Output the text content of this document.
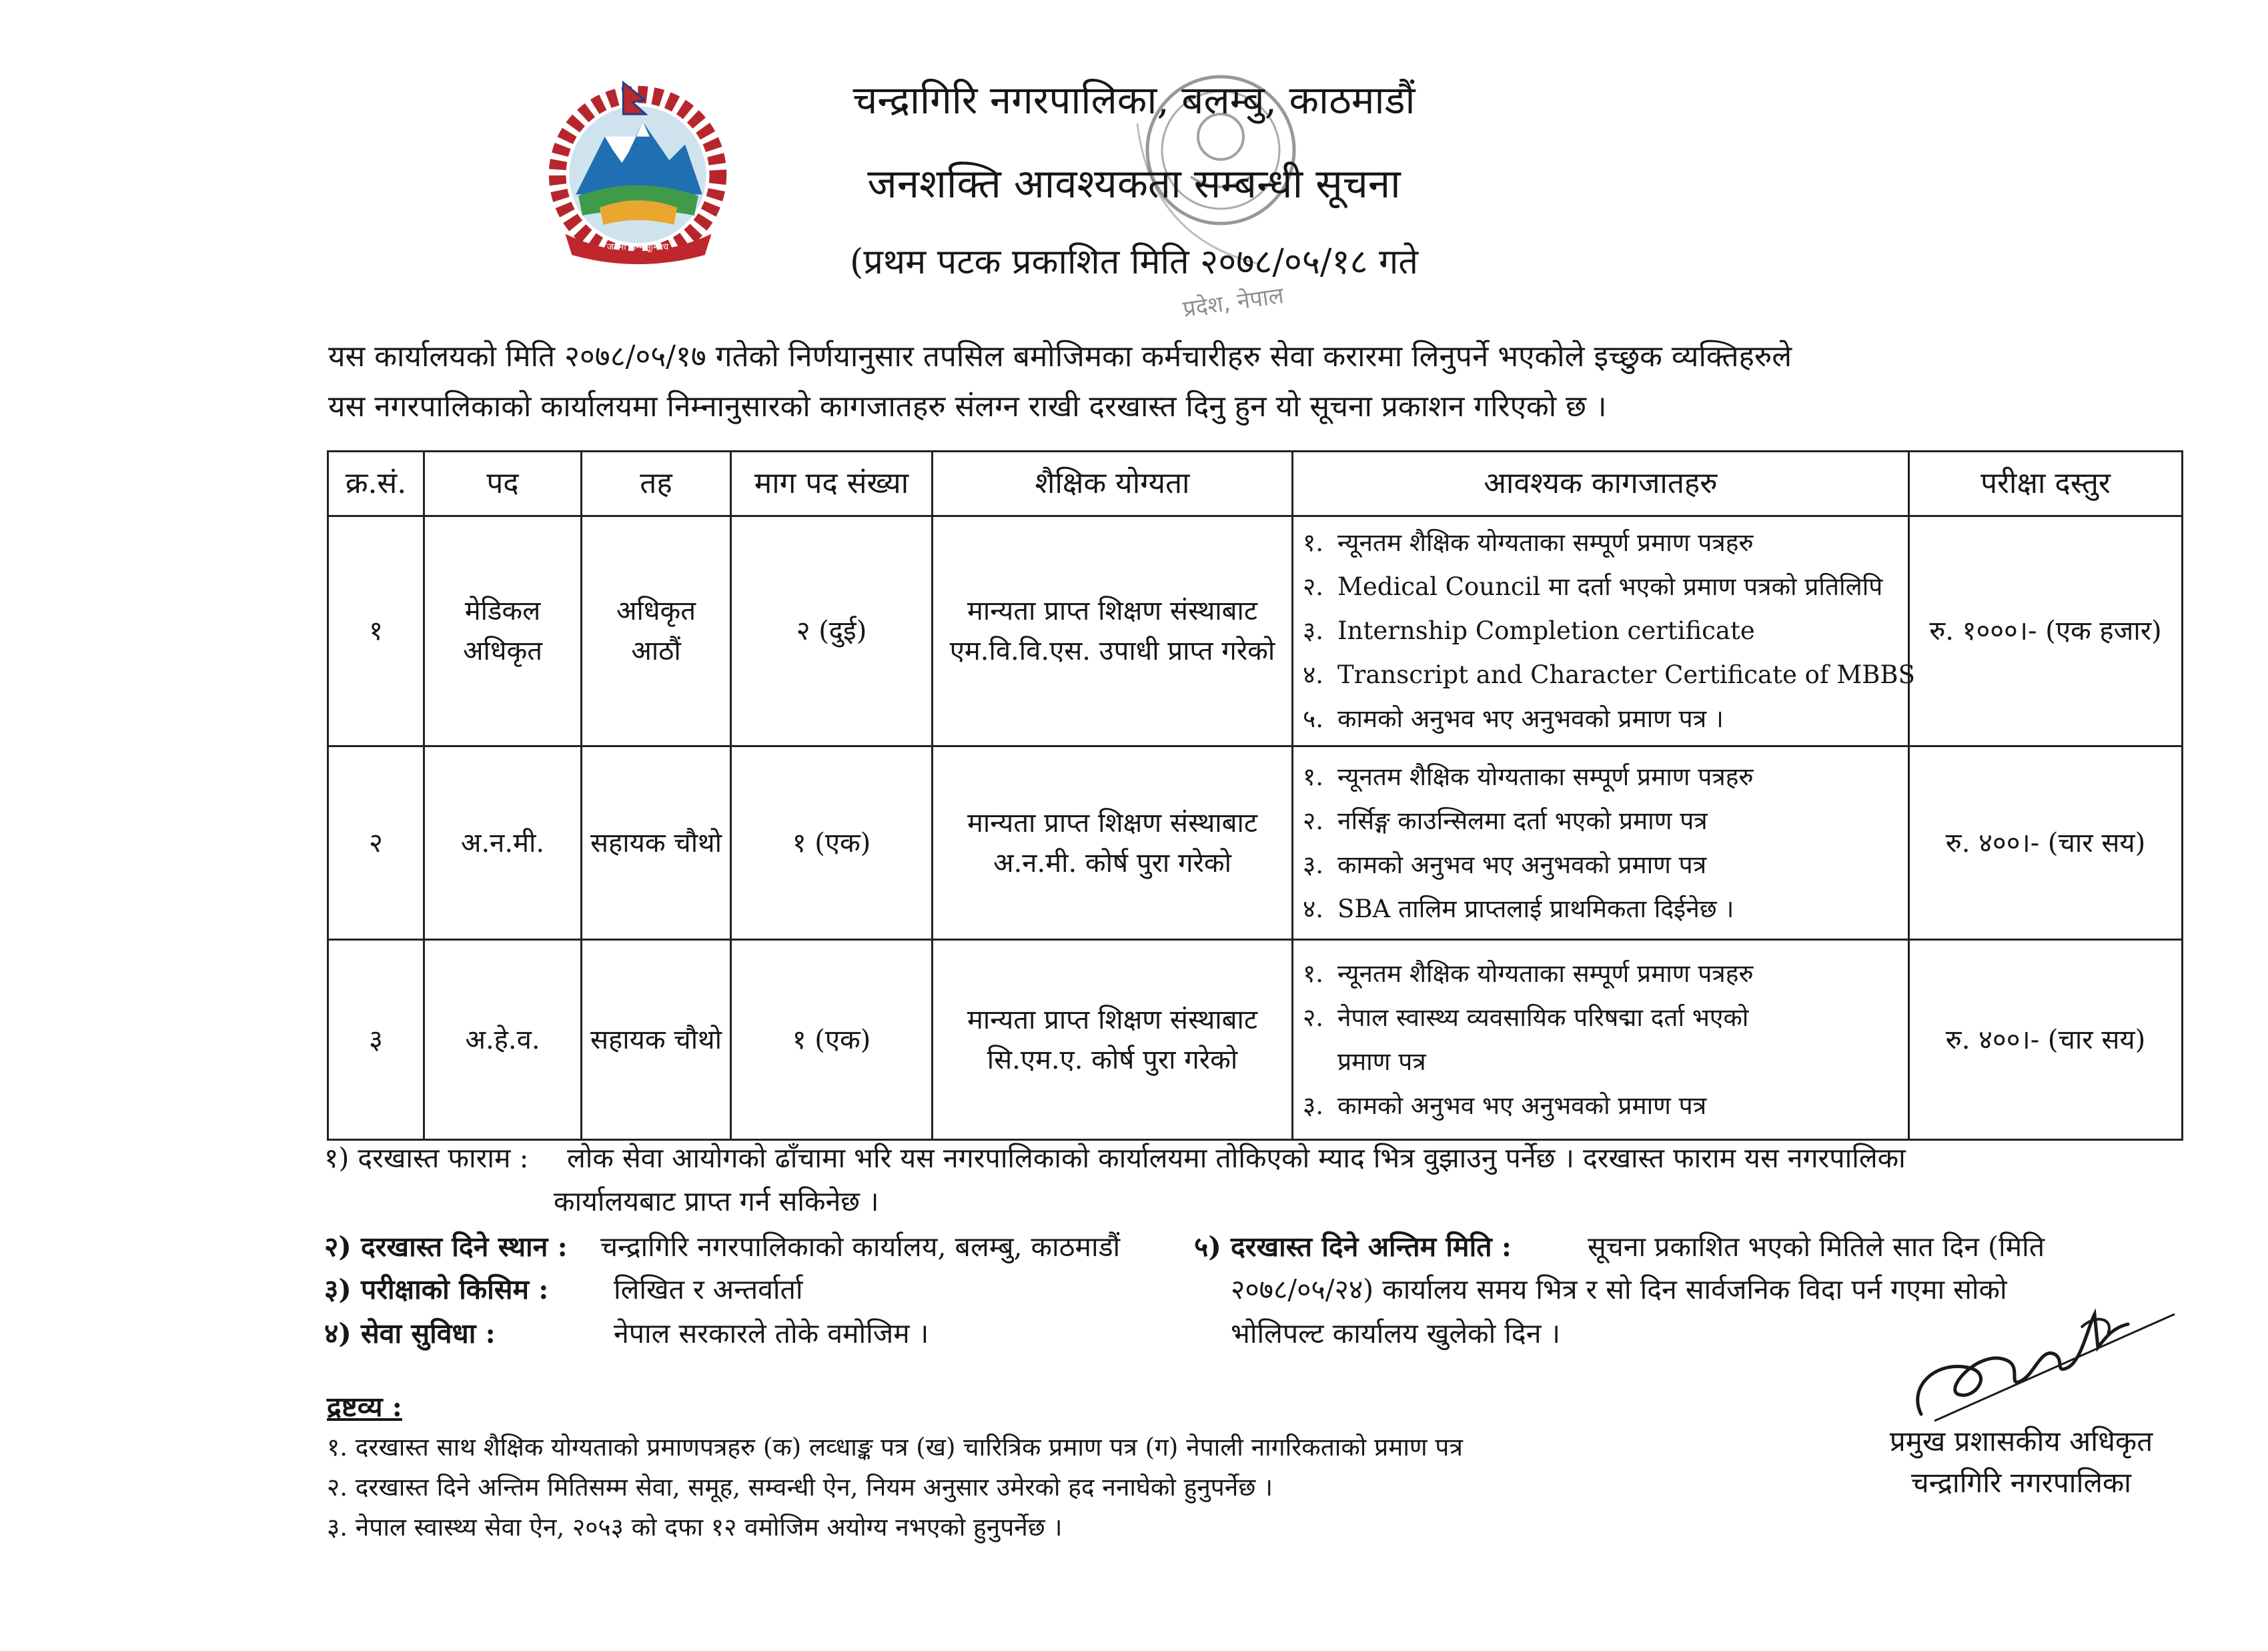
जननी जन्मभूमिश्च
प्रदेश, नेपाल
चन्द्रागिरि नगरपालिका, बलम्बु, काठमाडौं
जनशक्ति आवश्यकता सम्बन्धी सूचना
(प्रथम पटक प्रकाशित मिति २०७८/०५/१८ गते
यस कार्यालयको मिति २०७८/०५/१७ गतेको निर्णयानुसार तपसिल बमोजिमका कर्मचारीहरु सेवा करारमा लिनुपर्ने भएकोले इच्छुक व्यक्तिहरुले
यस नगरपालिकाको कार्यालयमा निम्नानुसारको कागजातहरु संलग्न राखी दरखास्त दिनु हुन यो सूचना प्रकाशन गरिएको छ ।
क्र.सं.	पद	तह	माग पद संख्या	शैक्षिक योग्यता	आवश्यक कागजातहरु	परीक्षा दस्तुर
१	मेडिकल अधिकृत	अधिकृत आठौं	२ (दुई)	मान्यता प्राप्त शिक्षण संस्थाबाट एम.वि.वि.एस. उपाधी प्राप्त गरेको	१. न्यूनतम शैक्षिक योग्यताका सम्पूर्ण प्रमाण पत्रहरु
२. Medical Council मा दर्ता भएको प्रमाण पत्रको प्रतिलिपि
३. Internship Completion certificate
४. Transcript and Character Certificate of MBBS
५. कामको अनुभव भए अनुभवको प्रमाण पत्र ।	रु. १०००।- (एक हजार)
२	अ.न.मी.	सहायक चौथो	१ (एक)	मान्यता प्राप्त शिक्षण संस्थाबाट अ.न.मी. कोर्ष पुरा गरेको	१. न्यूनतम शैक्षिक योग्यताका सम्पूर्ण प्रमाण पत्रहरु
२. नर्सिङ्ग काउन्सिलमा दर्ता भएको प्रमाण पत्र
३. कामको अनुभव भए अनुभवको प्रमाण पत्र
४. SBA तालिम प्राप्तलाई प्राथमिकता दिईनेछ ।	रु. ४००।- (चार सय)
३	अ.हे.व.	सहायक चौथो	१ (एक)	मान्यता प्राप्त शिक्षण संस्थाबाट सि.एम.ए. कोर्ष पुरा गरेको	१. न्यूनतम शैक्षिक योग्यताका सम्पूर्ण प्रमाण पत्रहरु
२. नेपाल स्वास्थ्य व्यवसायिक परिषद्मा दर्ता भएको
प्रमाण पत्र
३. कामको अनुभव भए अनुभवको प्रमाण पत्र	रु. ४००।- (चार सय)
१) दरखास्त फाराम : लोक सेवा आयोगको ढाँचामा भरि यस नगरपालिकाको कार्यालयमा तोकिएको म्याद भित्र वुझाउनु पर्नेछ । दरखास्त फाराम यस नगरपालिका
कार्यालयबाट प्राप्त गर्न सकिनेछ ।
२) दरखास्त दिने स्थान : चन्द्रागिरि नगरपालिकाको कार्यालय, बलम्बु, काठमाडौं
३) परीक्षाको किसिम : लिखित र अन्तर्वार्ता
४) सेवा सुविधा :	नेपाल सरकारले तोके वमोजिम ।
५) दरखास्त दिने अन्तिम मिति :	सूचना प्रकाशित भएको मितिले सात दिन (मिति
२०७८/०५/२४) कार्यालय समय भित्र र सो दिन सार्वजनिक विदा पर्न गएमा सोको
भोलिपल्ट कार्यालय खुलेको दिन ।
द्रष्टव्य :
१. दरखास्त साथ शैक्षिक योग्यताको प्रमाणपत्रहरु (क) लव्धाङ्क पत्र (ख) चारित्रिक प्रमाण पत्र (ग) नेपाली नागरिकताको प्रमाण पत्र
२. दरखास्त दिने अन्तिम मितिसम्म सेवा, समूह, सम्वन्धी ऐन, नियम अनुसार उमेरको हद ननाघेको हुनुपर्नेछ ।
३. नेपाल स्वास्थ्य सेवा ऐन, २०५३ को दफा १२ वमोजिम अयोग्य नभएको हुनुपर्नेछ ।
प्रमुख प्रशासकीय अधिकृत
चन्द्रागिरि नगरपालिका
